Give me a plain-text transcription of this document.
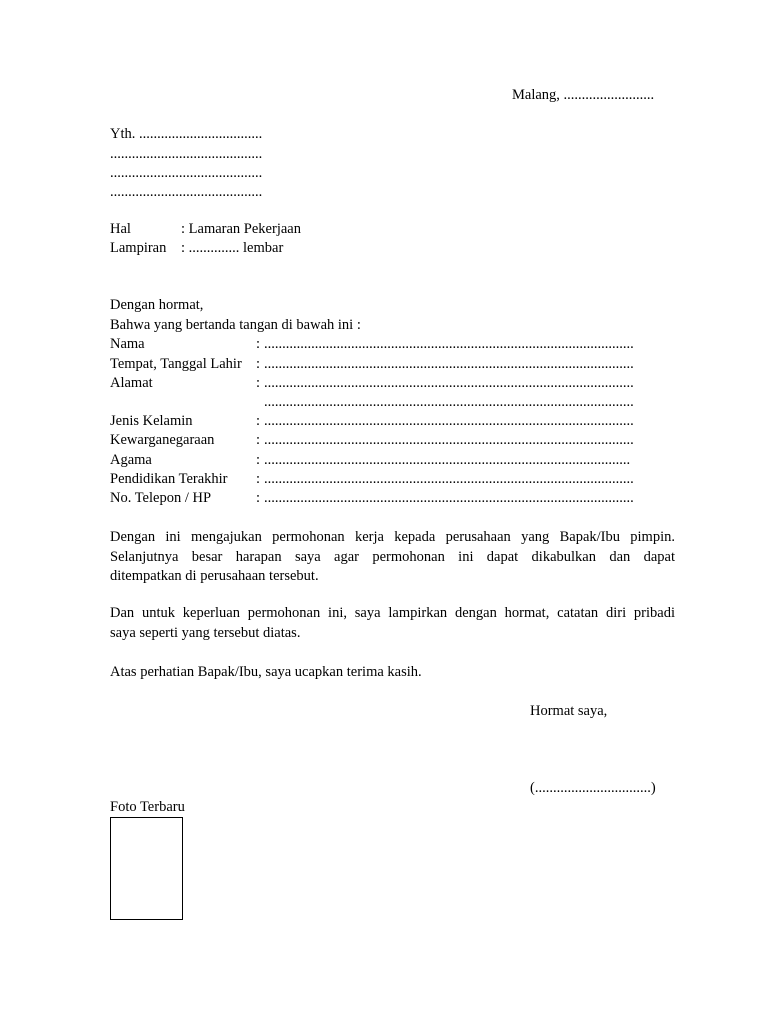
Malang, .........................
Yth. ..................................
..........................................
..........................................
..........................................
Hal	: Lamaran Pekerjaan
Lampiran : .............. lembar
Dengan hormat,
Bahwa yang bertanda tangan di bawah ini :
Nama	: ......................................................................................................
Tempat, Tanggal Lahir : ......................................................................................................
Alamat	: ......................................................................................................
......................................................................................................
Jenis Kelamin	: ......................................................................................................
Kewarganegaraan	: ......................................................................................................
Agama	: .....................................................................................................
Pendidikan Terakhir : ......................................................................................................
No. Telepon / HP	: ......................................................................................................
Dengan ini mengajukan permohonan kerja kepada perusahaan yang Bapak/Ibu pimpin.
Selanjutnya besar harapan saya agar permohonan ini dapat dikabulkan dan dapat
ditempatkan di perusahaan tersebut.
Dan untuk keperluan permohonan ini, saya lampirkan dengan hormat, catatan diri pribadi
saya seperti yang tersebut diatas.
Atas perhatian Bapak/Ibu, saya ucapkan terima kasih.
Hormat saya,
(................................)
Foto Terbaru
